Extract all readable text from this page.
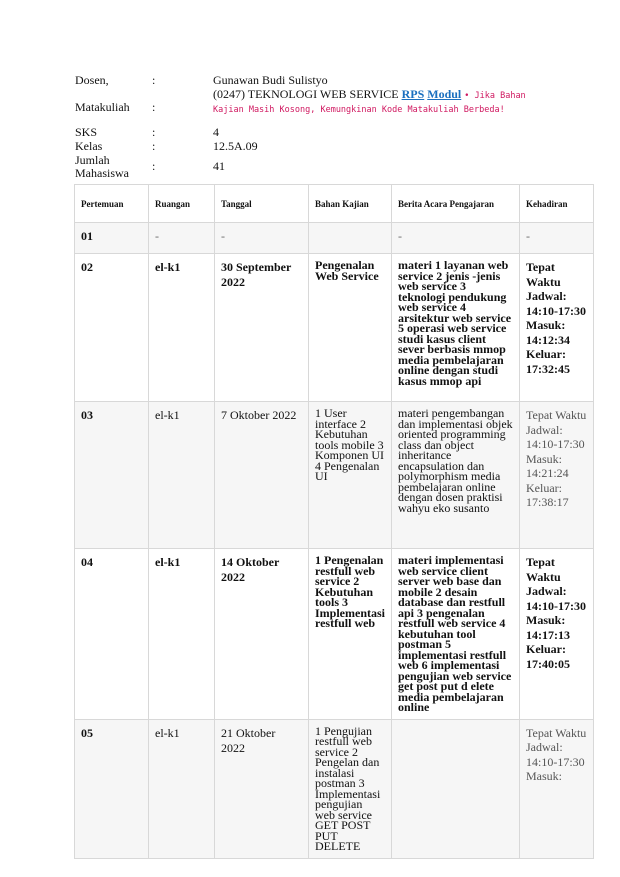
Dosen,	:	Gunawan Budi Sulistyo
Matakuliah	:
(0247) TEKNOLOGI WEB SERVICE RPS Modul • Jika Bahan Kajian Masih Kosong, Kemungkinan Kode Matakuliah Berbeda!
SKS	:	4
Kelas	:	12.5A.09
Jumlah Mahasiswa	:	41
Pertemuan	Ruangan	Tanggal	Bahan Kajian	Berita Acara Pengajaran	Kehadiran
01	-	-		-	-
02	el-k1	30 September 2022	Pengenalan Web Service	materi 1 layanan web service 2 jenis -jenis web service 3 teknologi pendukung web service 4 arsitektur web service 5 operasi web service studi kasus client sever berbasis mmop media pembelajaran online dengan studi kasus mmop api	Tepat Waktu Jadwal: 14:10-17:30 Masuk: 14:12:34 Keluar: 17:32:45
03	el-k1	7 Oktober 2022	1 User interface 2 Kebutuhan tools mobile 3 Komponen UI 4 Pengenalan UI	materi pengembangan dan implementasi objek oriented programming class dan object inheritance encapsulation dan polymorphism media pembelajaran online dengan dosen praktisi wahyu eko susanto	Tepat Waktu Jadwal: 14:10-17:30 Masuk: 14:21:24 Keluar: 17:38:17
04	el-k1	14 Oktober 2022	1 Pengenalan restfull web service 2 Kebutuhan tools 3 Implementasi restfull web	materi implementasi web service client server web base dan mobile 2 desain database dan restfull api 3 pengenalan restfull web service 4 kebutuhan tool postman 5 implementasi restfull web 6 implementasi pengujian web service get post put d elete media pembelajaran online	Tepat Waktu Jadwal: 14:10-17:30 Masuk: 14:17:13 Keluar: 17:40:05
05	el-k1	21 Oktober 2022	1 Pengujian restfull web service 2 Pengelan dan instalasi postman 3 Implementasi pengujian web service GET POST PUT DELETE		Tepat Waktu Jadwal: 14:10-17:30 Masuk:
